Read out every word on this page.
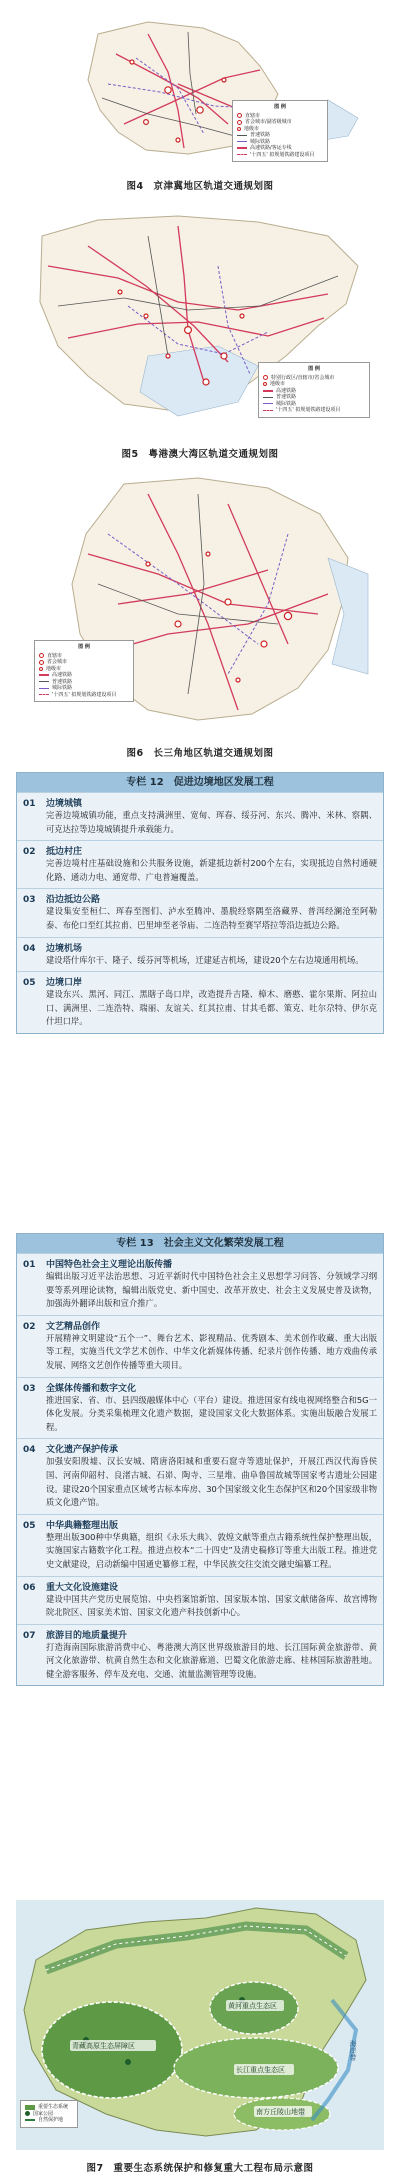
图 例
直辖市
省会城市/副省级城市
地级市
普速铁路
城际铁路
高速铁路/客运专线
'十四五' 拟规划铁路建设项目
图4　京津冀地区轨道交通规划图
图 例
特别行政区/直辖市/省会城市
地级市
高速铁路
普速铁路
城际铁路
'十四五' 拟规划铁路建设项目
图5　粤港澳大湾区轨道交通规划图
图 例
直辖市
省会城市
地级市
高速铁路
普速铁路
城际铁路
'十四五' 拟规划铁路建设项目
图6　长三角地区轨道交通规划图
专栏 12　促进边境地区发展工程
01	边境城镇
完善边境城镇功能，重点支持满洲里、宽甸、珲春、绥芬河、东兴、腾冲、米林、察隅、可克达拉等边境城镇提升承载能力。
02	抵边村庄
完善边境村庄基础设施和公共服务设施，新建抵边新村200个左右，实现抵边自然村通硬化路、通动力电、通宽带、广电普遍覆盖。
03	沿边抵边公路
建设集安至桓仁、珲春至图们、泸水至腾冲、墨脱经察隅至洛藏界、普洱经澜沧至阿勒泰、布伦口至红其拉甫、巴里坤至老爷庙、二连浩特至赛罕塔拉等沿边抵边公路。
04	边境机场
建设塔什库尔干、隆子、绥芬河等机场，迁建延吉机场，建设20个左右边境通用机场。
05	边境口岸
建设东兴、黑河、同江、黑瞎子岛口岸，改造提升吉隆、樟木、磨憨、霍尔果斯、阿拉山口、满洲里、二连浩特、瑞丽、友谊关、红其拉甫、甘其毛都、策克、吐尔尕特、伊尔克什坦口岸。
专栏 13　社会主义文化繁荣发展工程
01	中国特色社会主义理论出版传播
编辑出版习近平法治思想、习近平新时代中国特色社会主义思想学习问答、分领域学习纲要等系列理论读物，编辑出版党史、新中国史、改革开放史、社会主义发展史普及读物，加强海外翻译出版和宣介推广。
02	文艺精品创作
开展精神文明建设“五个一”、舞台艺术、影视精品、优秀剧本、美术创作收藏、重大出版等工程，实施当代文学艺术创作、中华文化新媒体传播、纪录片创作传播、地方戏曲传承发展、网络文艺创作传播等重大项目。
03	全媒体传播和数字文化
推进国家、省、市、县四级融媒体中心（平台）建设。推进国家有线电视网络整合和5G一体化发展。分类采集梳理文化遗产数据，建设国家文化大数据体系。实施出版融合发展工程。
04	文化遗产保护传承
加强安阳殷墟、汉长安城、隋唐洛阳城和重要石窟寺等遗址保护，开展江西汉代海昏侯国、河南仰韶村、良渚古城、石峁、陶寺、三星堆、曲阜鲁国故城等国家考古遗址公园建设。建设20个国家重点区域考古标本库房、30个国家级文化生态保护区和20个国家级非物质文化遗产馆。
05	中华典籍整理出版
整理出版300种中华典籍，组织《永乐大典》、敦煌文献等重点古籍系统性保护整理出版，实施国家古籍数字化工程。推进点校本“二十四史”及清史稿修订等重大出版工程。推进党史文献建设，启动新编中国通史纂修工程，中华民族交往交流交融史编纂工程。
06	重大文化设施建设
建设中国共产党历史展览馆、中央档案馆新馆、国家版本馆、国家文献储备库、故宫博物院北院区、国家美术馆、国家文化遗产科技创新中心。
07	旅游目的地质量提升
打造海南国际旅游消费中心、粤港澳大湾区世界级旅游目的地、长江国际黄金旅游带、黄河文化旅游带、杭黄自然生态和文化旅游廊道、巴蜀文化旅游走廊、桂林国际旅游胜地。健全游客服务、停车及充电、交通、流量监测管理等设施。
青藏高原生态屏障区
黄河重点生态区
长江重点生态区
南方丘陵山地带
海岸带
重要生态系统
国家公园
自然保护地
图7　重要生态系统保护和修复重大工程布局示意图
